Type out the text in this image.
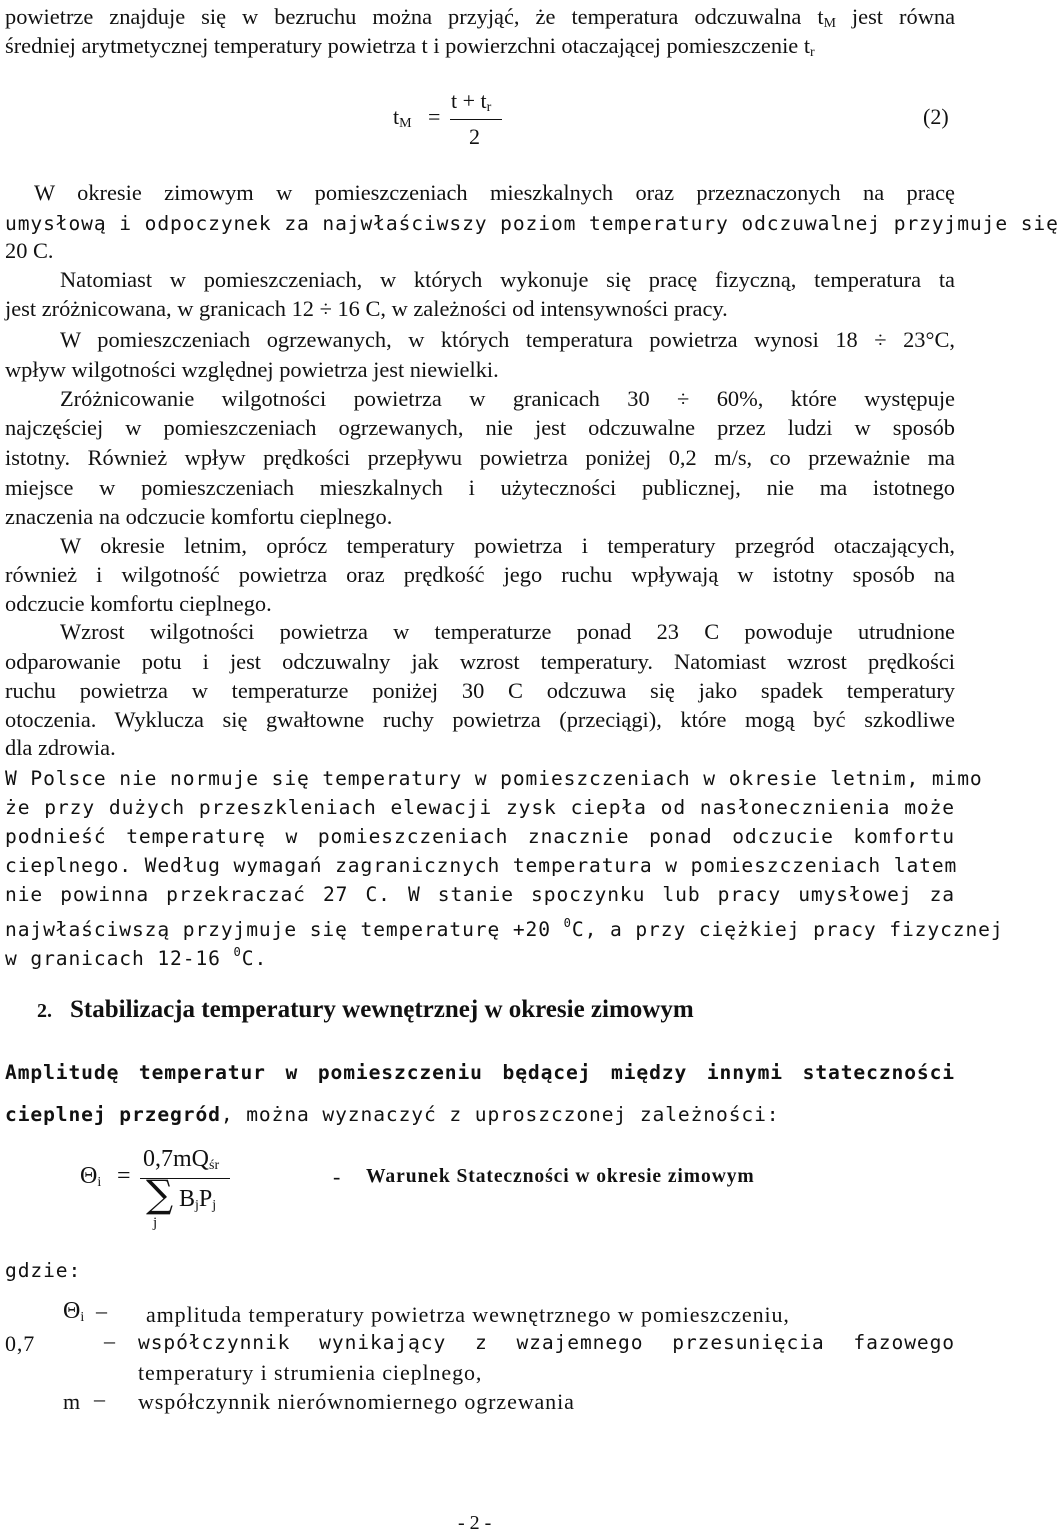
powietrze znajduje się w bezruchu można przyjąć, że temperatura odczuwalna $t_M$ jest równa
średniej arytmetycznej temperatury powietrza t i powierzchni otaczającej pomieszczenie $t_r$
$t_M$ =
$t + t_r$
2
(2)
W okresie zimowym w pomieszczeniach mieszkalnych oraz przeznaczonych na pracę
umysłową i odpoczynek za najwłaściwszy poziom temperatury odczuwalnej przyjmuje się
20 C.
Natomiast w pomieszczeniach, w których wykonuje się pracę fizyczną, temperatura ta
jest zróżnicowana, w granicach 12 ÷ 16 C, w zależności od intensywności pracy.
W pomieszczeniach ogrzewanych, w których temperatura powietrza wynosi 18 ÷ 23°C,
wpływ wilgotności względnej powietrza jest niewielki.
Zróżnicowanie wilgotności powietrza w granicach 30 ÷ 60%, które występuje
najczęściej w pomieszczeniach ogrzewanych, nie jest odczuwalne przez ludzi w sposób
istotny. Również wpływ prędkości przepływu powietrza poniżej 0,2 m/s, co przeważnie ma
miejsce w pomieszczeniach mieszkalnych i użyteczności publicznej, nie ma istotnego
znaczenia na odczucie komfortu cieplnego.
W okresie letnim, oprócz temperatury powietrza i temperatury przegród otaczających,
również i wilgotność powietrza oraz prędkość jego ruchu wpływają w istotny sposób na
odczucie komfortu cieplnego.
Wzrost wilgotności powietrza w temperaturze ponad 23 C powoduje utrudnione
odparowanie potu i jest odczuwalny jak wzrost temperatury. Natomiast wzrost prędkości
ruchu powietrza w temperaturze poniżej 30 C odczuwa się jako spadek temperatury
otoczenia. Wyklucza się gwałtowne ruchy powietrza (przeciągi), które mogą być szkodliwe
dla zdrowia.
W Polsce nie normuje się temperatury w pomieszczeniach w okresie letnim, mimo
że przy dużych przeszkleniach elewacji zysk ciepła od nasłonecznienia może
podnieść temperaturę w pomieszczeniach znacznie ponad odczucie komfortu
cieplnego. Według wymagań zagranicznych temperatura w pomieszczeniach latem
nie powinna przekraczać 27 C. W stanie spoczynku lub pracy umysłowej za
najwłaściwszą przyjmuje się temperaturę +20 $^0$C, a przy ciężkiej pracy fizycznej
w granicach 12-16 $^0$C.
2. Stabilizacja temperatury wewnętrznej w okresie zimowym
Amplitudę temperatur w pomieszczeniu będącej między innymi stateczności
cieplnej przegród, można wyznaczyć z uproszczonej zależności:
$\Theta_i$ =
$0,7mQ_{śr}$
∑ $B_jP_j$
j
- Warunek Stateczności w okresie zimowym
gdzie:
$\Theta_i$ – amplituda temperatury powietrza wewnętrznego w pomieszczeniu,
0,7	– współczynnik wynikający z wzajemnego przesunięcia fazowego
temperatury i strumienia cieplnego,
m – współczynnik nierównomiernego ogrzewania
- 2 -
